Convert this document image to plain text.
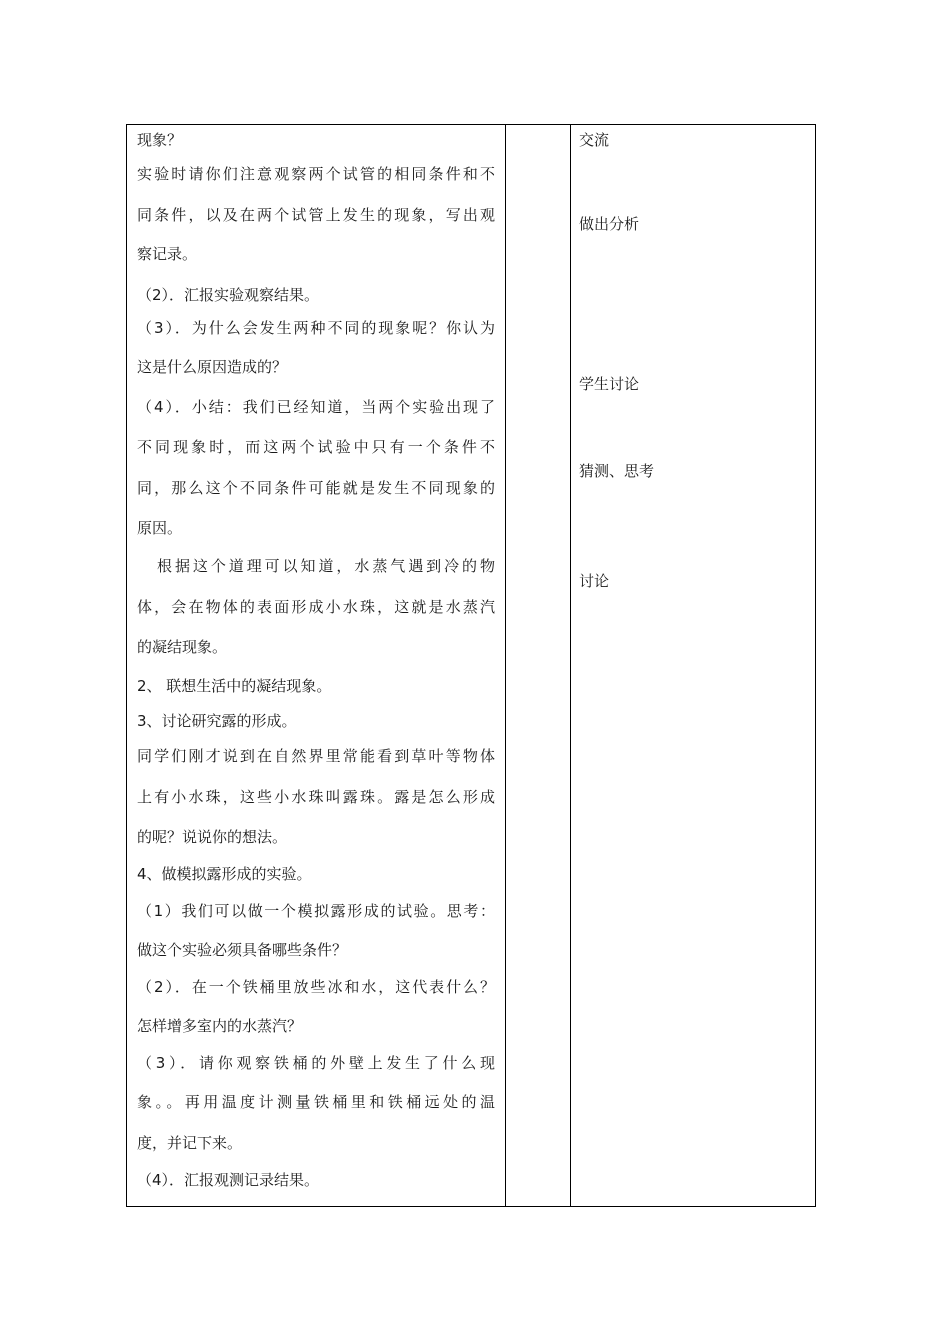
现象？
实验时请你们注意观察两个试管的相同条件和不
同条件，以及在两个试管上发生的现象，写出观
察记录。
（2）．汇报实验观察结果。
（3）．为什么会发生两种不同的现象呢？你认为
这是什么原因造成的？
（4）．小结：我们已经知道，当两个实验出现了
不同现象时，而这两个试验中只有一个条件不
同，那么这个不同条件可能就是发生不同现象的
原因。
根据这个道理可以知道，水蒸气遇到冷的物
体，会在物体的表面形成小水珠，这就是水蒸汽
的凝结现象。
2、 联想生活中的凝结现象。
3、讨论研究露的形成。
同学们刚才说到在自然界里常能看到草叶等物体
上有小水珠，这些小水珠叫露珠。露是怎么形成
的呢？说说你的想法。
4、做模拟露形成的实验。
（1）我们可以做一个模拟露形成的试验。思考：
做这个实验必须具备哪些条件？
（2）．在一个铁桶里放些冰和水，这代表什么？
怎样增多室内的水蒸汽？
（3）．请你观察铁桶的外壁上发生了什么现
象。。再用温度计测量铁桶里和铁桶远处的温
度，并记下来。
（4）．汇报观测记录结果。
交流
做出分析
学生讨论
猜测、思考
讨论
